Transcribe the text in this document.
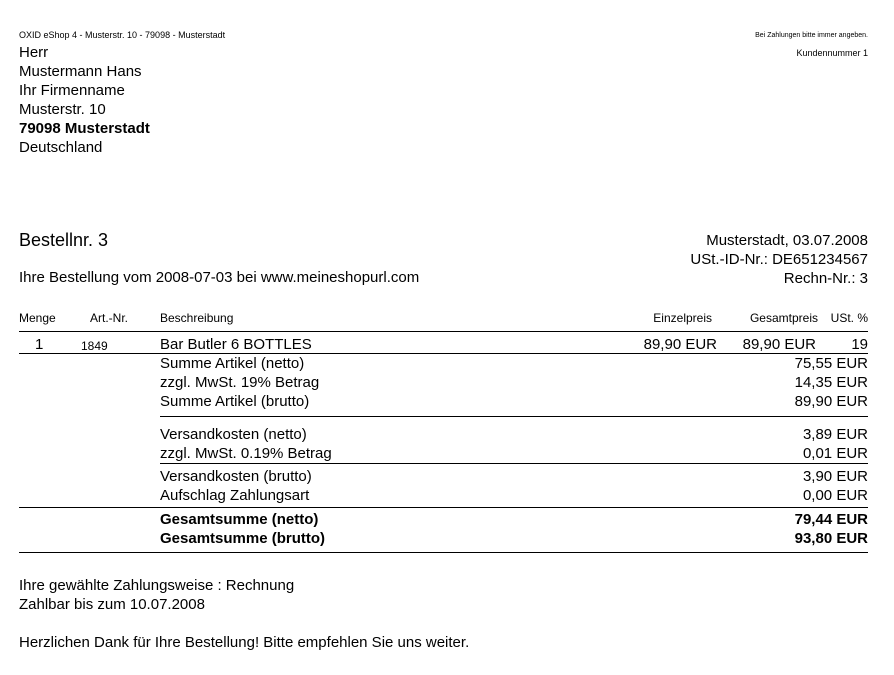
OXID eShop 4 - Musterstr. 10 - 79098 - Musterstadt	Bei Zahlungen bitte immer angeben.
Kundennummer 1
Herr
Mustermann Hans
Ihr Firmenname
Musterstr. 10
79098 Musterstadt
Deutschland
Bestellnr. 3
Ihre Bestellung vom 2008-07-03 bei www.meineshopurl.com
Musterstadt, 03.07.2008
USt.-ID-Nr.: DE651234567
Rechn-Nr.: 3
Menge	Art.-Nr.	Beschreibung	Einzelpreis	Gesamtpreis USt. %
1	1849	Bar Butler 6 BOTTLES	89,90 EUR 89,90 EUR 19
Summe Artikel (netto)	75,55 EUR
zzgl. MwSt. 19% Betrag	14,35 EUR
Summe Artikel (brutto)	89,90 EUR
Versandkosten (netto)	3,89 EUR
zzgl. MwSt. 0.19% Betrag	0,01 EUR
Versandkosten (brutto)	3,90 EUR
Aufschlag Zahlungsart	0,00 EUR
Gesamtsumme (netto)	79,44 EUR
Gesamtsumme (brutto)	93,80 EUR
Ihre gewählte Zahlungsweise : Rechnung
Zahlbar bis zum 10.07.2008
Herzlichen Dank für Ihre Bestellung! Bitte empfehlen Sie uns weiter.
